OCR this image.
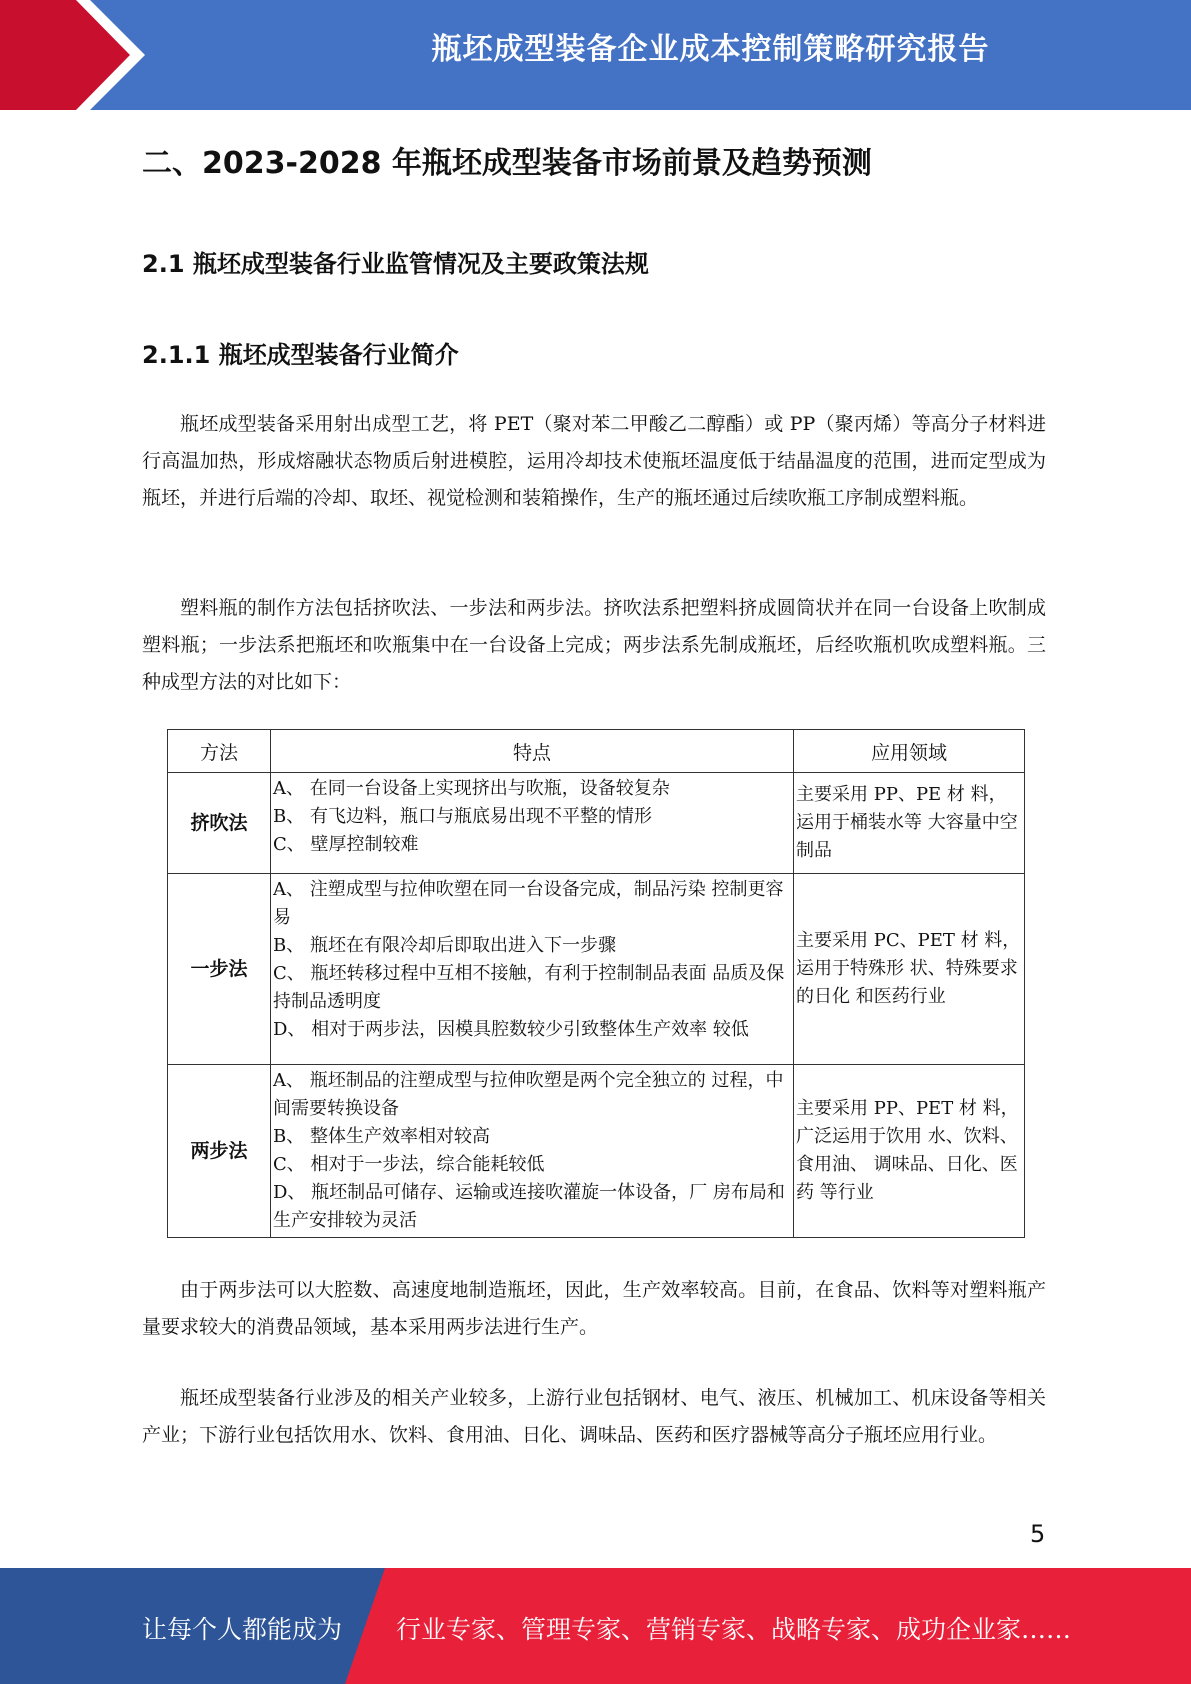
瓶坯成型装备企业成本控制策略研究报告
二、2023-2028 年瓶坯成型装备市场前景及趋势预测
2.1 瓶坯成型装备行业监管情况及主要政策法规
2.1.1 瓶坯成型装备行业简介

瓶坯成型装备采用射出成型工艺，将 PET（聚对苯二甲酸乙二醇酯）或 PP（聚丙烯）等高分子材料进行高温加热，形成熔融状态物质后射进模腔，运用冷却技术使瓶坯温度低于结晶温度的范围，进而定型成为瓶坯，并进行后端的冷却、取坯、视觉检测和装箱操作，生产的瓶坯通过后续吹瓶工序制成塑料瓶。

塑料瓶的制作方法包括挤吹法、一步法和两步法。挤吹法系把塑料挤成圆筒状并在同一台设备上吹制成塑料瓶；一步法系把瓶坯和吹瓶集中在一台设备上完成；两步法系先制成瓶坯，后经吹瓶机吹成塑料瓶。三种成型方法的对比如下：

方法	特点	应用领域
挤吹法	A、 在同一台设备上实现挤出与吹瓶，设备较复杂
B、 有飞边料，瓶口与瓶底易出现不平整的情形
C、 壁厚控制较难	主要采用 PP、PE 材 料，运用于桶装水等 大容量中空制品
一步法	A、 注塑成型与拉伸吹塑在同一台设备完成，制品污染 控制更容易
B、 瓶坯在有限冷却后即取出进入下一步骤
C、 瓶坯转移过程中互相不接触，有利于控制制品表面 品质及保持制品透明度
D、 相对于两步法，因模具腔数较少引致整体生产效率 较低	主要采用 PC、PET 材 料，运用于特殊形 状、特殊要求的日化 和医药行业
两步法	A、 瓶坯制品的注塑成型与拉伸吹塑是两个完全独立的 过程，中间需要转换设备
B、 整体生产效率相对较高
C、 相对于一步法，综合能耗较低
D、 瓶坯制品可储存、运输或连接吹灌旋一体设备，厂 房布局和生产安排较为灵活	主要采用 PP、PET 材 料，广泛运用于饮用 水、饮料、食用油、 调味品、日化、医药 等行业

由于两步法可以大腔数、高速度地制造瓶坯，因此，生产效率较高。目前，在食品、饮料等对塑料瓶产量要求较大的消费品领域，基本采用两步法进行生产。

瓶坯成型装备行业涉及的相关产业较多，上游行业包括钢材、电气、液压、机械加工、机床设备等相关产业；下游行业包括饮用水、饮料、食用油、日化、调味品、医药和医疗器械等高分子瓶坯应用行业。

5
让每个人都能成为 行业专家、管理专家、营销专家、战略专家、成功企业家……
